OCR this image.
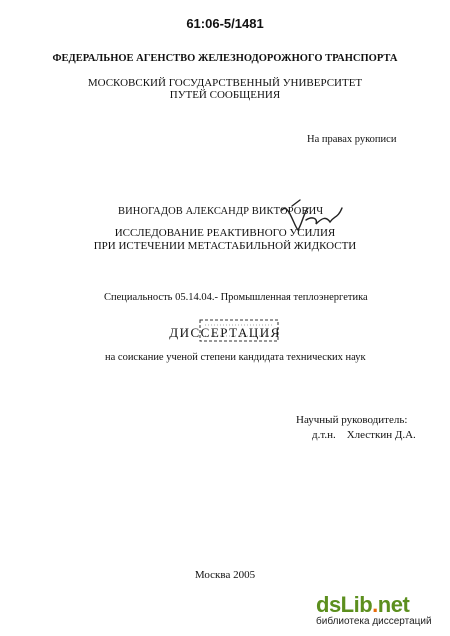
61:06-5/1481
ФЕДЕРАЛЬНОЕ АГЕНСТВО ЖЕЛЕЗНОДОРОЖНОГО ТРАНСПОРТА
МОСКОВСКИЙ ГОСУДАРСТВЕННЫЙ УНИВЕРСИТЕТ
ПУТЕЙ СООБЩЕНИЯ
На правах рукописи
ВИНОГАДОВ АЛЕКСАНДР ВИКТОРОВИЧ
ИССЛЕДОВАНИЕ РЕАКТИВНОГО УСИЛИЯ
ПРИ ИСТЕЧЕНИИ МЕТАСТАБИЛЬНОЙ ЖИДКОСТИ
Специальность 05.14.04.- Промышленная теплоэнергетика
ДИССЕРТАЦИЯ
на соискание ученой степени кандидата технических наук
Научный руководитель:
д.т.н.    Хлесткин Д.А.
Москва 2005
dsLib.net
библиотека диссертаций
